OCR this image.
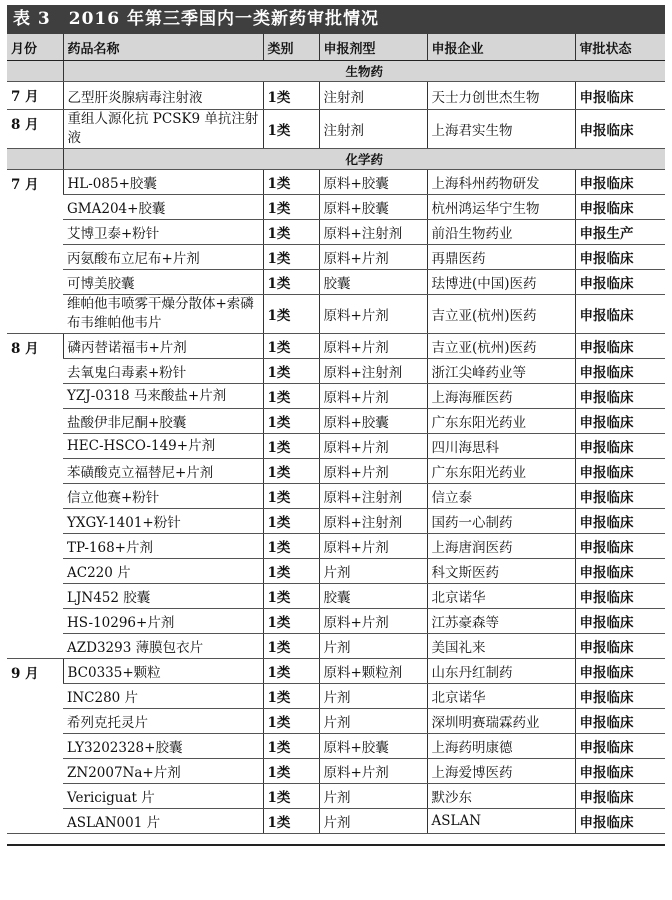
表 3　2016 年第三季国内一类新药审批情况
月份	药品名称	类别	申报剂型	申报企业	审批状态
	生物药				
7 月	乙型肝炎腺病毒注射液	1类	注射剂	天士力创世杰生物	申报临床
8 月	重组人源化抗 PCSK9 单抗注射液	1类	注射剂	上海君实生物	申报临床
	化学药				
7 月	HL-085+胶囊	1类	原料+胶囊	上海科州药物研发	申报临床
	GMA204+胶囊	1类	原料+胶囊	杭州鸿运华宁生物	申报临床
	艾博卫泰+粉针	1类	原料+注射剂	前沿生物药业	申报生产
	丙氨酸布立尼布+片剂	1类	原料+片剂	再鼎医药	申报临床
	可博美胶囊	1类	胶囊	珐博进(中国)医药	申报临床
	维帕他韦喷雾干燥分散体+索磷布韦维帕他韦片	1类	原料+片剂	吉立亚(杭州)医药	申报临床
8 月	磷丙替诺福韦+片剂	1类	原料+片剂	吉立亚(杭州)医药	申报临床
	去氧鬼臼毒素+粉针	1类	原料+注射剂	浙江尖峰药业等	申报临床
	YZJ-0318 马来酸盐+片剂	1类	原料+片剂	上海海雁医药	申报临床
	盐酸伊非尼酮+胶囊	1类	原料+胶囊	广东东阳光药业	申报临床
	HEC-HSCO-149+片剂	1类	原料+片剂	四川海思科	申报临床
	苯磺酸克立福替尼+片剂	1类	原料+片剂	广东东阳光药业	申报临床
	信立他赛+粉针	1类	原料+注射剂	信立泰	申报临床
	YXGY-1401+粉针	1类	原料+注射剂	国药一心制药	申报临床
	TP-168+片剂	1类	原料+片剂	上海唐润医药	申报临床
	AC220 片	1类	片剂	科文斯医药	申报临床
	LJN452 胶囊	1类	胶囊	北京诺华	申报临床
	HS-10296+片剂	1类	原料+片剂	江苏豪森等	申报临床
	AZD3293 薄膜包衣片	1类	片剂	美国礼来	申报临床
9 月	BC0335+颗粒	1类	原料+颗粒剂	山东丹红制药	申报临床
	INC280 片	1类	片剂	北京诺华	申报临床
	希列克托灵片	1类	片剂	深圳明赛瑞霖药业	申报临床
	LY3202328+胶囊	1类	原料+胶囊	上海药明康德	申报临床
	ZN2007Na+片剂	1类	原料+片剂	上海爱博医药	申报临床
	Vericiguat 片	1类	片剂	默沙东	申报临床
	ASLAN001 片	1类	片剂	ASLAN	申报临床
